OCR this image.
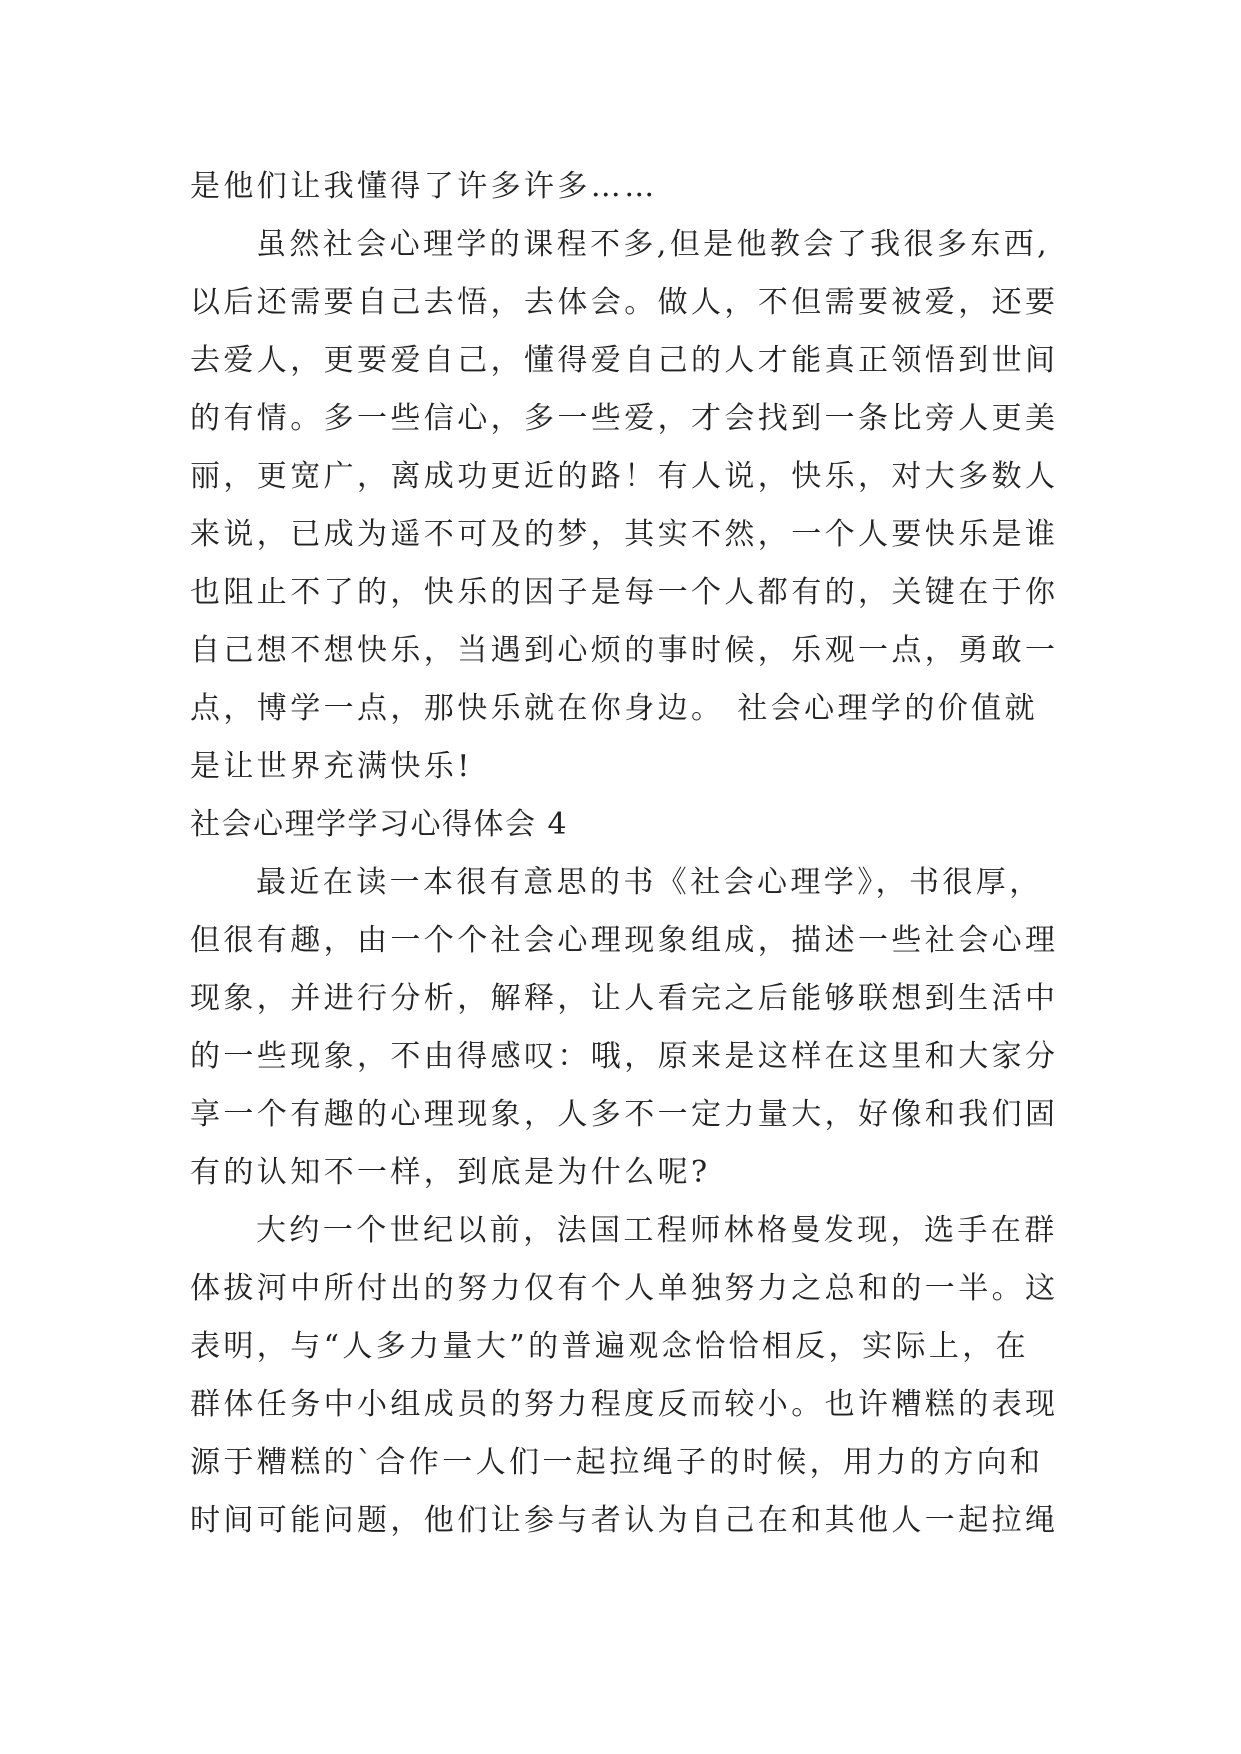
是他们让我懂得了许多许多……
虽然社会心理学的课程不多,但是他教会了我很多东西,
以后还需要自己去悟，去体会。做人，不但需要被爱，还要
去爱人，更要爱自己，懂得爱自己的人才能真正领悟到世间
的有情。多一些信心，多一些爱，才会找到一条比旁人更美
丽，更宽广，离成功更近的路！有人说，快乐，对大多数人
来说，已成为遥不可及的梦，其实不然，一个人要快乐是谁
也阻止不了的，快乐的因子是每一个人都有的，关键在于你
自己想不想快乐，当遇到心烦的事时候，乐观一点，勇敢一
点，博学一点，那快乐就在你身边。 社会心理学的价值就
是让世界充满快乐!
社会心理学学习心得体会 4
最近在读一本很有意思的书《社会心理学》，书很厚，
但很有趣，由一个个社会心理现象组成，描述一些社会心理
现象，并进行分析，解释，让人看完之后能够联想到生活中
的一些现象，不由得感叹：哦，原来是这样在这里和大家分
享一个有趣的心理现象，人多不一定力量大，好像和我们固
有的认知不一样，到底是为什么呢?
大约一个世纪以前，法国工程师林格曼发现，选手在群
体拔河中所付出的努力仅有个人单独努力之总和的一半。这
表明，与“人多力量大”的普遍观念恰恰相反，实际上，在
群体任务中小组成员的努力程度反而较小。也许糟糕的表现
源于糟糕的`合作一人们一起拉绳子的时候，用力的方向和
时间可能问题，他们让参与者认为自己在和其他人一起拉绳
